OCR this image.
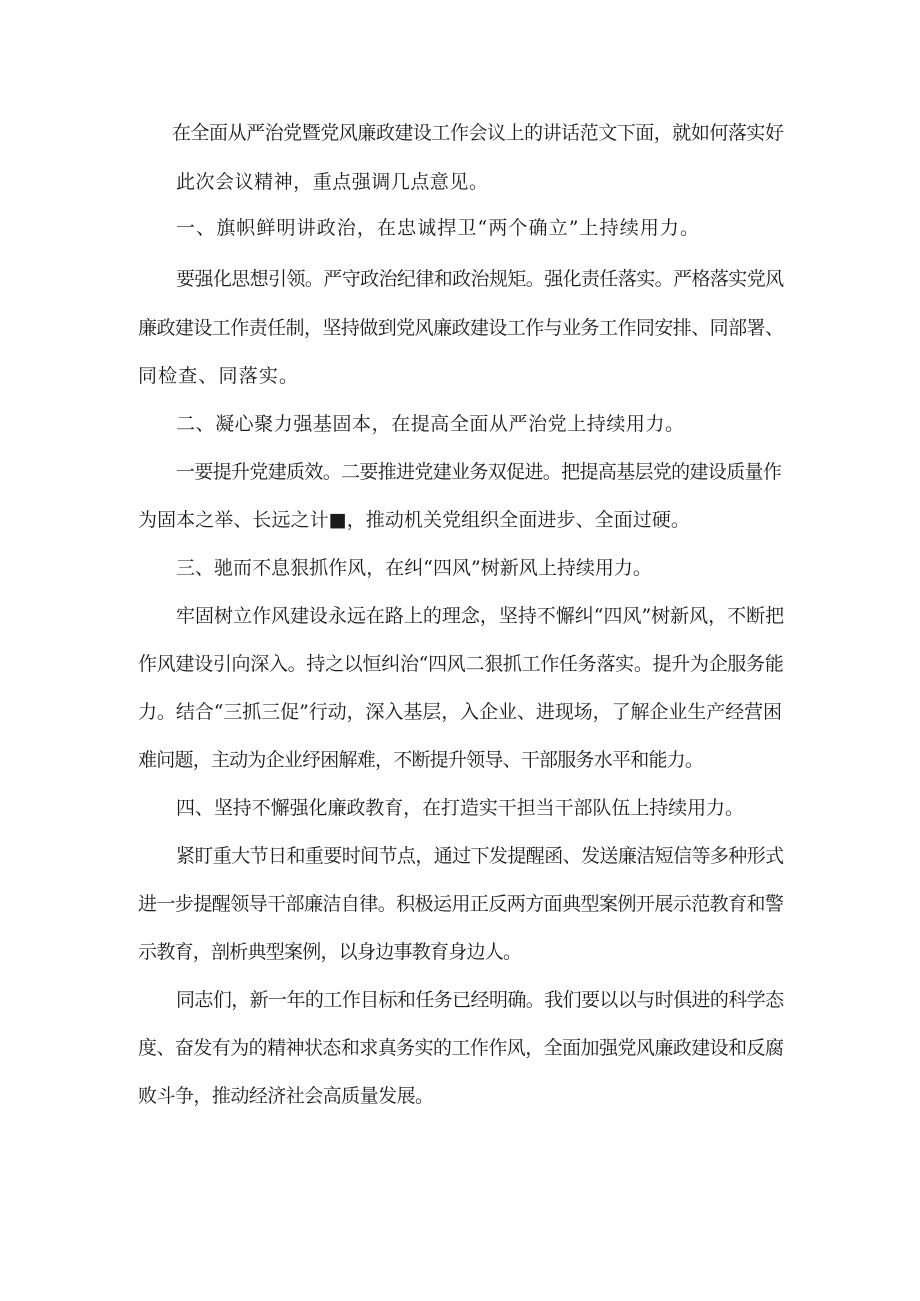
在全面从严治党暨党风廉政建设工作会议上的讲话范文下面，就如何落实好
此次会议精神，重点强调几点意见。
一、旗帜鲜明讲政治，在忠诚捍卫“两个确立”上持续用力。
要强化思想引领。严守政治纪律和政治规矩。强化责任落实。严格落实党风
廉政建设工作责任制，坚持做到党风廉政建设工作与业务工作同安排、同部署、
同检查、同落实。
二、凝心聚力强基固本，在提高全面从严治党上持续用力。
一要提升党建质效。二要推进党建业务双促进。把提高基层党的建设质量作
为固本之举、长远之计■，推动机关党组织全面进步、全面过硬。
三、驰而不息狠抓作风，在纠“四风”树新风上持续用力。
牢固树立作风建设永远在路上的理念，坚持不懈纠“四风”树新风，不断把
作风建设引向深入。持之以恒纠治“四风二狠抓工作任务落实。提升为企服务能
力。结合“三抓三促”行动，深入基层，入企业、进现场，了解企业生产经营困
难问题，主动为企业纾困解难，不断提升领导、干部服务水平和能力。
四、坚持不懈强化廉政教育，在打造实干担当干部队伍上持续用力。
紧盯重大节日和重要时间节点，通过下发提醒函、发送廉洁短信等多种形式
进一步提醒领导干部廉洁自律。积极运用正反两方面典型案例开展示范教育和警
示教育，剖析典型案例，以身边事教育身边人。
同志们，新一年的工作目标和任务已经明确。我们要以以与时俱进的科学态
度、奋发有为的精神状态和求真务实的工作作风，全面加强党风廉政建设和反腐
败斗争，推动经济社会高质量发展。
